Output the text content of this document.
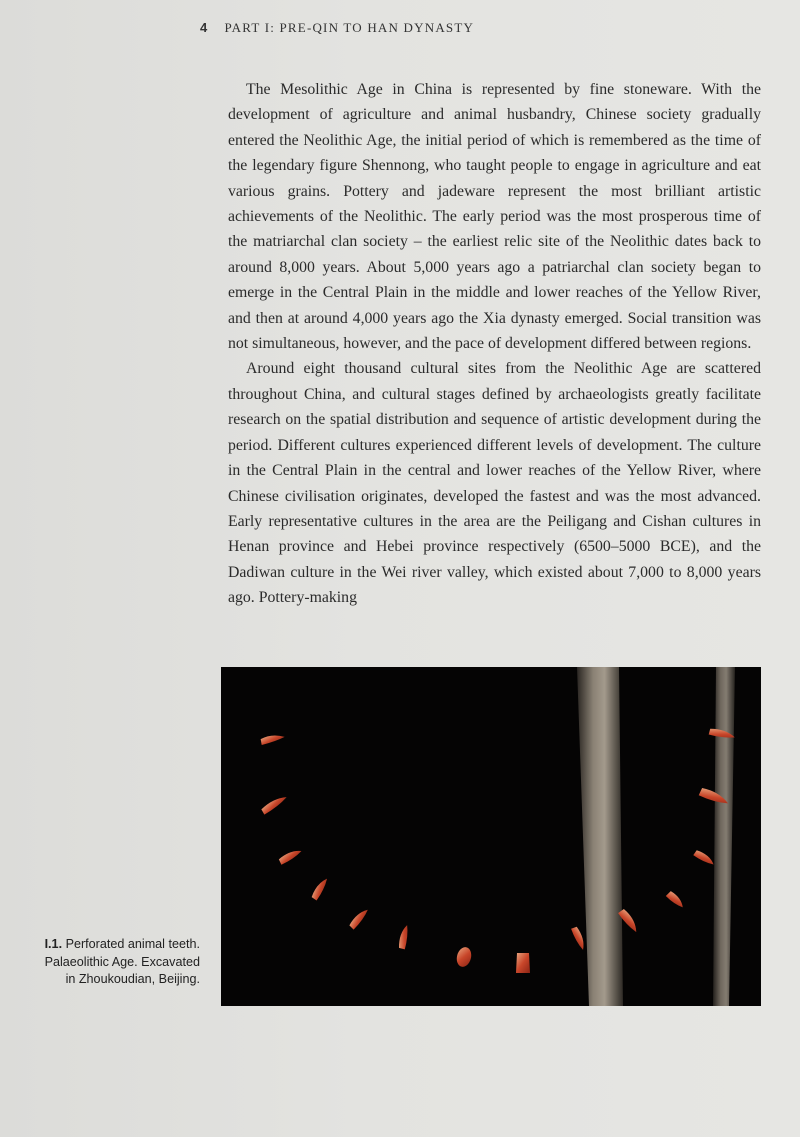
4 PART I: PRE-QIN TO HAN DYNASTY

The Mesolithic Age in China is represented by fine stoneware. With the development of agriculture and animal husbandry, Chinese society gradually entered the Neolithic Age, the initial period of which is remembered as the time of the legendary figure Shennong, who taught people to engage in agriculture and eat various grains. Pottery and jadeware represent the most brilliant artistic achievements of the Neolithic. The early period was the most prosperous time of the matriarchal clan society – the earliest relic site of the Neolithic dates back to around 8,000 years. About 5,000 years ago a patriarchal clan society began to emerge in the Central Plain in the middle and lower reaches of the Yellow River, and then at around 4,000 years ago the Xia dynasty emerged. Social transition was not simultaneous, however, and the pace of development differed between regions.

Around eight thousand cultural sites from the Neolithic Age are scattered throughout China, and cultural stages defined by archaeologists greatly facilitate research on the spatial distribution and sequence of artistic development during the period. Different cultures experienced different levels of development. The culture in the Central Plain in the central and lower reaches of the Yellow River, where Chinese civilisation originates, developed the fastest and was the most advanced. Early representative cultures in the area are the Peiligang and Cishan cultures in Henan province and Hebei province respectively (6500–5000 BCE), and the Dadiwan culture in the Wei river valley, which existed about 7,000 to 8,000 years ago. Pottery-making

I.1. Perforated animal teeth. Palaeolithic Age. Excavated in Zhoukoudian, Beijing.
